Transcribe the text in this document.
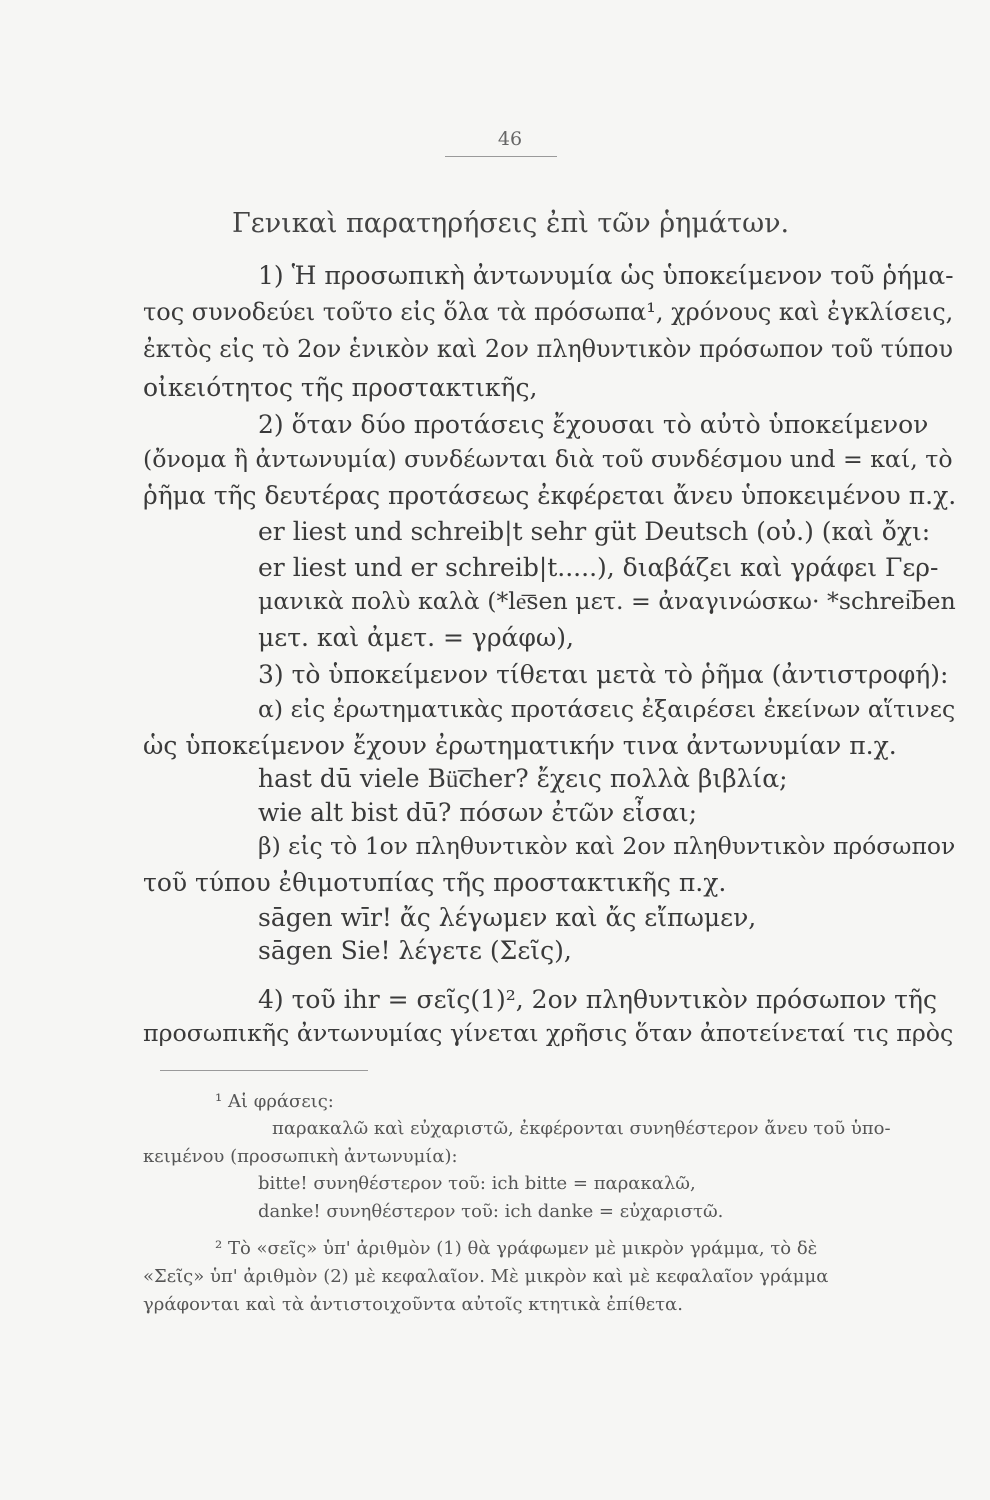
46
Γενικαὶ παρατηρήσεις ἐπὶ τῶν ῥημάτων.
1) Ἡ προσωπικὴ ἀντωνυμία ὡς ὑποκείμενον τοῦ ῥήμα-
τος συνοδεύει τοῦτο εἰς ὅλα τὰ πρόσωπα¹, χρόνους καὶ ἐγκλίσεις,
ἐκτὸς εἰς τὸ 2ον ἑνικὸν καὶ 2ον πληθυντικὸν πρόσωπον τοῦ τύπου
οἰκειότητος τῆς προστακτικῆς,
2) ὅταν δύο προτάσεις ἔχουσαι τὸ αὐτὸ ὑποκείμενον
(ὄνομα ἢ ἀντωνυμία) συνδέωνται διὰ τοῦ συνδέσμου und = καί, τὸ
ῥῆμα τῆς δευτέρας προτάσεως ἐκφέρεται ἄνευ ὑποκειμένου π.χ.
er liest und schreib|t sehr güt Deutsch (οὐ.) (καὶ ὄχι:
er liest und er schreib|t.....), διαβάζει καὶ γράφει Γερ-
μανικὰ πολὺ καλὰ (*le͞sen μετ. = ἀναγινώσκω· *schrei͞ben
μετ. καὶ ἀμετ. = γράφω),
3) τὸ ὑποκείμενον τίθεται μετὰ τὸ ῥῆμα (ἀντιστροφή):
α) εἰς ἐρωτηματικὰς προτάσεις ἐξαιρέσει ἐκείνων αἵτινες
ὡς ὑποκείμενον ἔχουν ἐρωτηματικήν τινα ἀντωνυμίαν π.χ.
hast dū viele Bü͞cher? ἔχεις πολλὰ βιβλία;
wie alt bist dū? πόσων ἐτῶν εἶσαι;
β) εἰς τὸ 1ον πληθυντικὸν καὶ 2ον πληθυντικὸν πρόσωπον
τοῦ τύπου ἐθιμοτυπίας τῆς προστακτικῆς π.χ.
sāgen wīr! ἄς λέγωμεν καὶ ἄς εἴπωμεν,
sāgen Sie! λέγετε (Σεῖς),
4) τοῦ ihr = σεῖς(1)², 2ον πληθυντικὸν πρόσωπον τῆς
προσωπικῆς ἀντωνυμίας γίνεται χρῆσις ὅταν ἀποτείνεταί τις πρὸς
¹ Αἱ φράσεις:
παρακαλῶ καὶ εὐχαριστῶ, ἐκφέρονται συνηθέστερον ἄνευ τοῦ ὑπο-
κειμένου (προσωπικὴ ἀντωνυμία):
bitte! συνηθέστερον τοῦ: ich bitte = παρακαλῶ,
danke! συνηθέστερον τοῦ: ich danke = εὐχαριστῶ.
² Τὸ «σεῖς» ὑπ' ἀριθμὸν (1) θὰ γράφωμεν μὲ μικρὸν γράμμα, τὸ δὲ
«Σεῖς» ὑπ' ἀριθμὸν (2) μὲ κεφαλαῖον. Μὲ μικρὸν καὶ μὲ κεφαλαῖον γράμμα
γράφονται καὶ τὰ ἀντιστοιχοῦντα αὐτοῖς κτητικὰ ἐπίθετα.
